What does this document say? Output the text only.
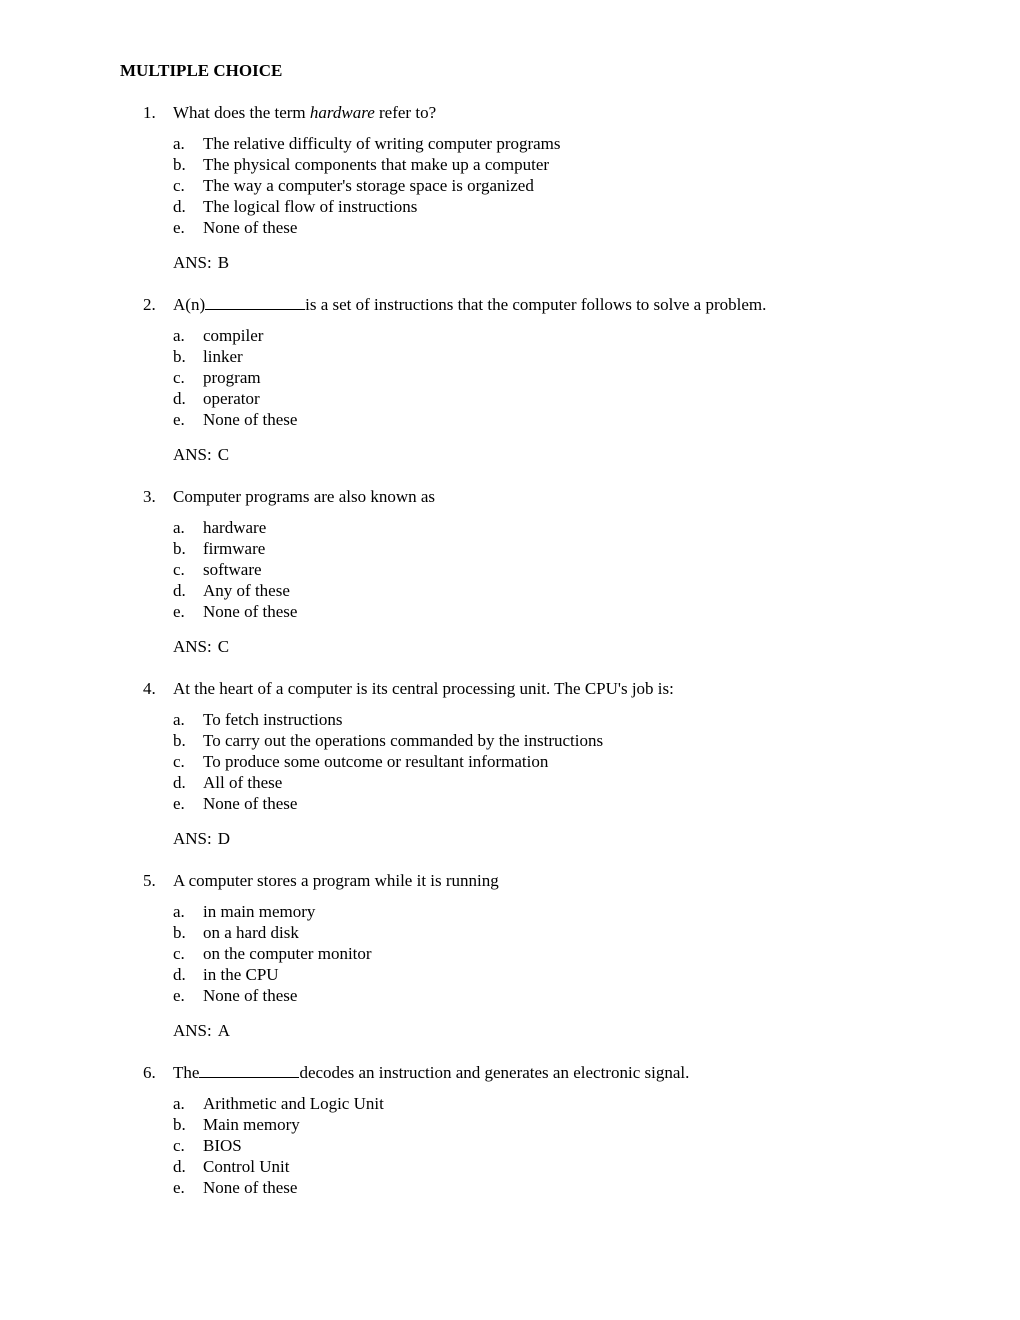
MULTIPLE CHOICE
1.	What does the term hardware refer to?
a.	The relative difficulty of writing computer programs
b.	The physical components that make up a computer
c.	The way a computer's storage space is organized
d.	The logical flow of instructions
e.	None of these
ANS: B
2.	A(n)	is a set of instructions that the computer follows to solve a problem.
a.	compiler
b.	linker
c.	program
d.	operator
e.	None of these
ANS: C
3.	Computer programs are also known as
a.	hardware
b.	firmware
c.	software
d.	Any of these
e.	None of these
ANS: C
4.	At the heart of a computer is its central processing unit. The CPU's job is:
a.	To fetch instructions
b.	To carry out the operations commanded by the instructions
c.	To produce some outcome or resultant information
d.	All of these
e.	None of these
ANS: D
5.	A computer stores a program while it is running
a.	in main memory
b.	on a hard disk
c.	on the computer monitor
d.	in the CPU
e.	None of these
ANS: A
6.	The	decodes an instruction and generates an electronic signal.
a.	Arithmetic and Logic Unit
b.	Main memory
c.	BIOS
d.	Control Unit
e.	None of these
